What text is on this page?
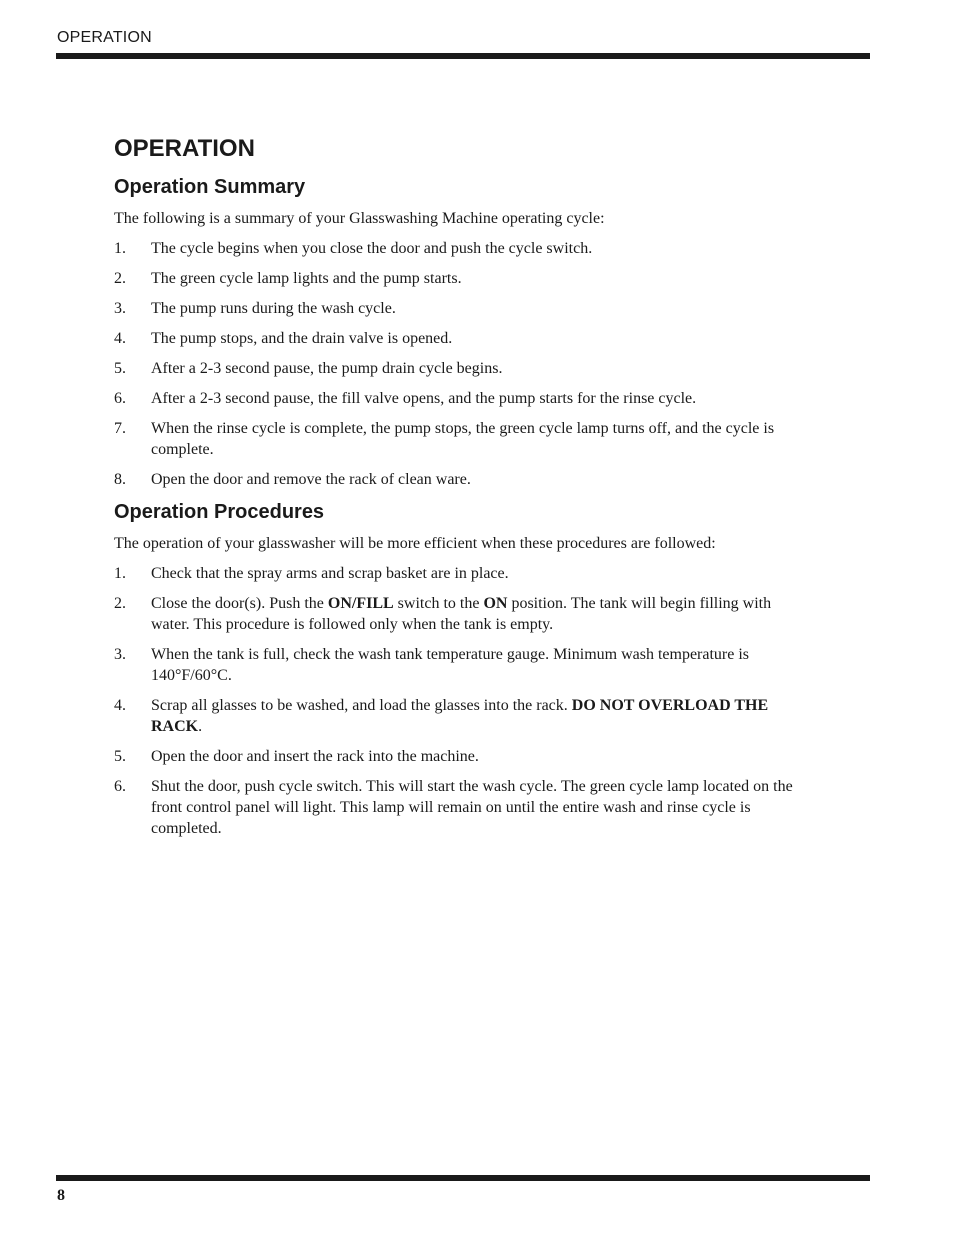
OPERATION
OPERATION
Operation Summary

The following is a summary of your Glasswashing Machine operating cycle:

1.	The cycle begins when you close the door and push the cycle switch.
2.	The green cycle lamp lights and the pump starts.
3.	The pump runs during the wash cycle.
4.	The pump stops, and the drain valve is opened.
5.	After a 2-3 second pause, the pump drain cycle begins.
6.	After a 2-3 second pause, the fill valve opens, and the pump starts for the rinse cycle.
7.	When the rinse cycle is complete, the pump stops, the green cycle lamp turns off, and the cycle is complete.
8.	Open the door and remove the rack of clean ware.
Operation Procedures

The operation of your glasswasher will be more efficient when these procedures are followed:

1.	Check that the spray arms and scrap basket are in place.
2.	Close the door(s). Push the ON/FILL switch to the ON position. The tank will begin filling with water. This procedure is followed only when the tank is empty.
3.	When the tank is full, check the wash tank temperature gauge. Minimum wash temperature is 140°F/60°C.
4.	Scrap all glasses to be washed, and load the glasses into the rack. DO NOT OVERLOAD THE RACK.
5.	Open the door and insert the rack into the machine.
6.	Shut the door, push cycle switch. This will start the wash cycle. The green cycle lamp located on the front control panel will light. This lamp will remain on until the entire wash and rinse cycle is completed.
8
